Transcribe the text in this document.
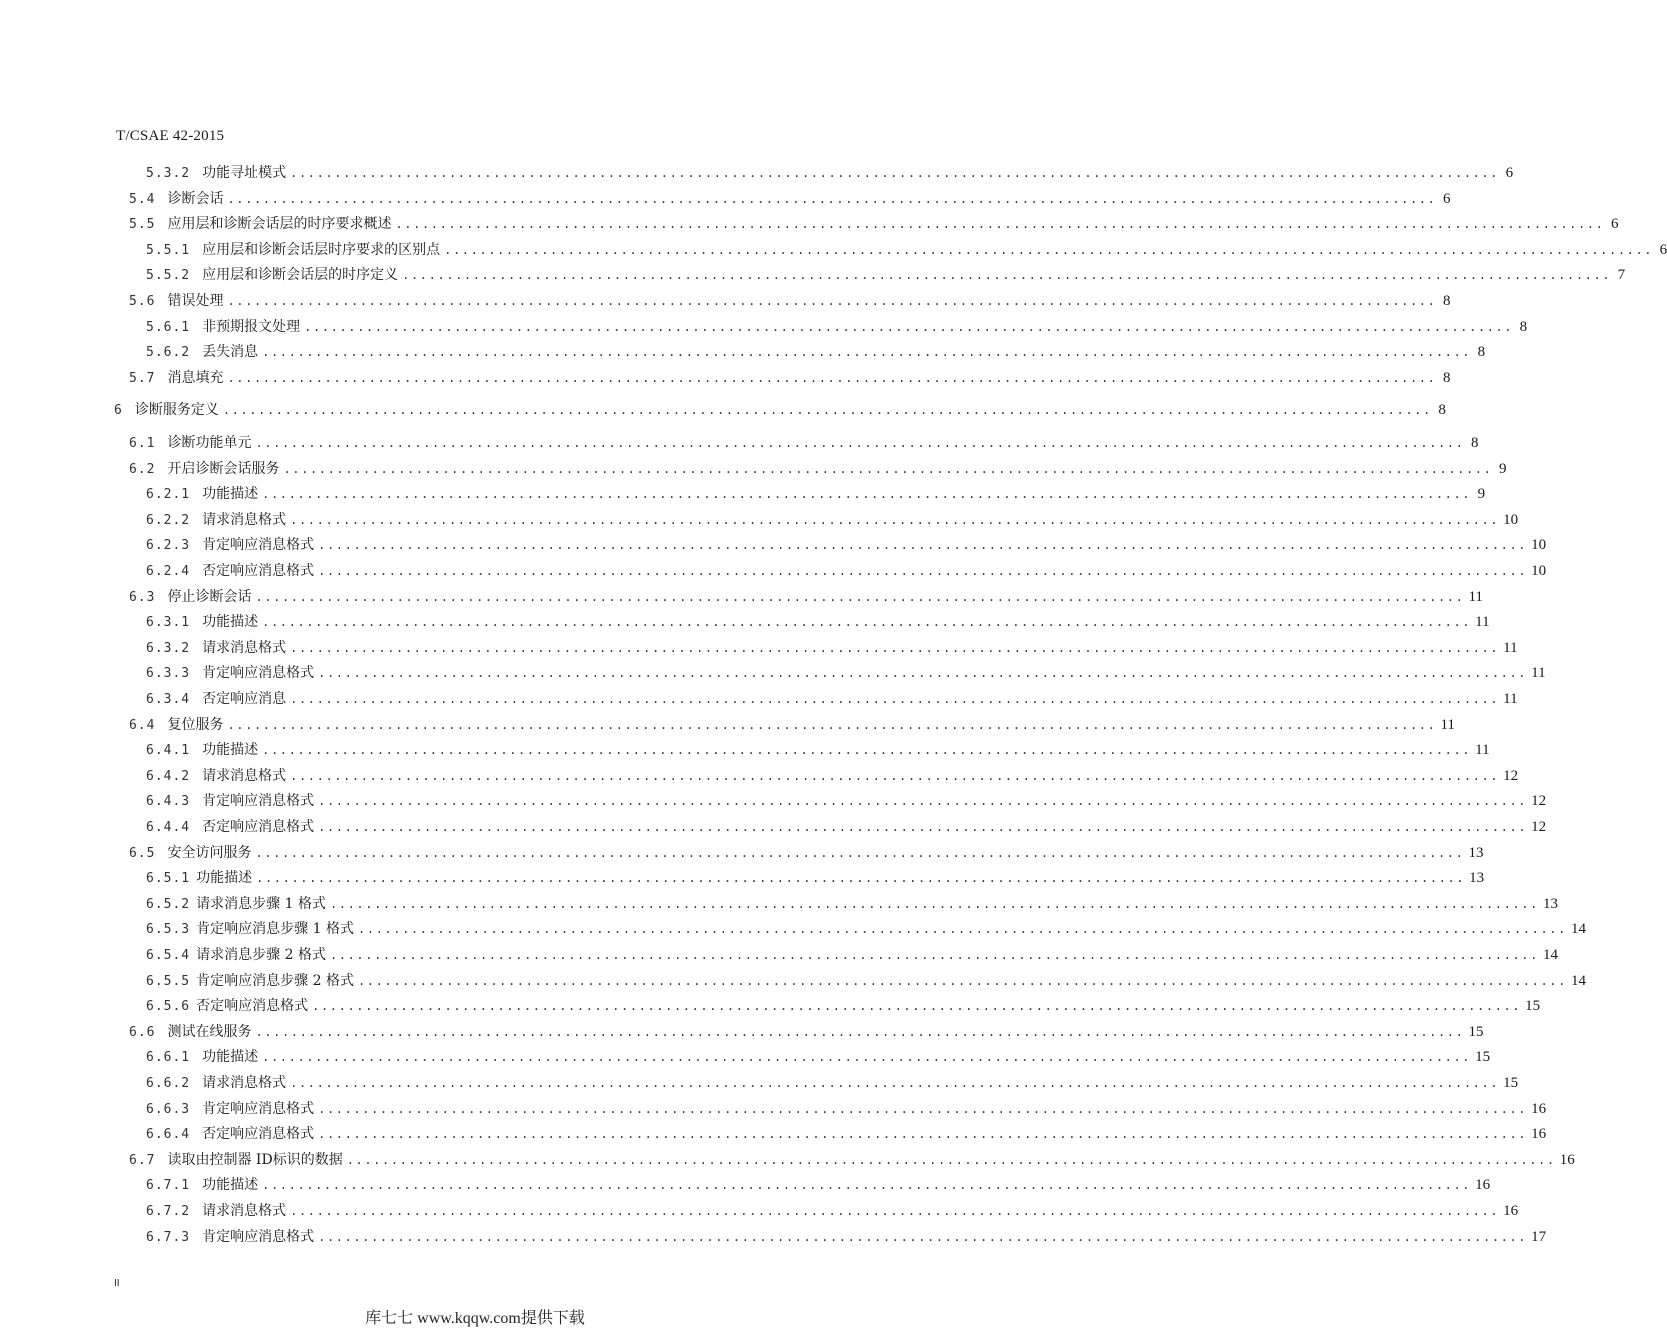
T/CSAE 42-2015
5.3.2 功能寻址模式 ......................................................................................................................................... 6
5.4 诊断会话 ......................................................................................................................................... 6
5.5 应用层和诊断会话层的时序要求概述 ......................................................................................................................................... 6
5.5.1 应用层和诊断会话层时序要求的区别点 ......................................................................................................................................... 6
5.5.2 应用层和诊断会话层的时序定义 ......................................................................................................................................... 7
5.6 错误处理 ......................................................................................................................................... 8
5.6.1 非预期报文处理 ......................................................................................................................................... 8
5.6.2 丢失消息 ......................................................................................................................................... 8
5.7 消息填充 ......................................................................................................................................... 8
6 诊断服务定义 ......................................................................................................................................... 8
6.1 诊断功能单元 ......................................................................................................................................... 8
6.2 开启诊断会话服务 ......................................................................................................................................... 9
6.2.1 功能描述 ......................................................................................................................................... 9
6.2.2 请求消息格式 ......................................................................................................................................... 10
6.2.3 肯定响应消息格式 ......................................................................................................................................... 10
6.2.4 否定响应消息格式 ......................................................................................................................................... 10
6.3 停止诊断会话 ......................................................................................................................................... 11
6.3.1 功能描述 ......................................................................................................................................... 11
6.3.2 请求消息格式 ......................................................................................................................................... 11
6.3.3 肯定响应消息格式 ......................................................................................................................................... 11
6.3.4 否定响应消息 ......................................................................................................................................... 11
6.4 复位服务 ......................................................................................................................................... 11
6.4.1 功能描述 ......................................................................................................................................... 11
6.4.2 请求消息格式 ......................................................................................................................................... 12
6.4.3 肯定响应消息格式 ......................................................................................................................................... 12
6.4.4 否定响应消息格式 ......................................................................................................................................... 12
6.5 安全访问服务 ......................................................................................................................................... 13
6.5.1 功能描述 ......................................................................................................................................... 13
6.5.2 请求消息步骤 1 格式 ......................................................................................................................................... 13
6.5.3 肯定响应消息步骤 1 格式 ......................................................................................................................................... 14
6.5.4 请求消息步骤 2 格式 ......................................................................................................................................... 14
6.5.5 肯定响应消息步骤 2 格式 ......................................................................................................................................... 14
6.5.6 否定响应消息格式 ......................................................................................................................................... 15
6.6 测试在线服务 ......................................................................................................................................... 15
6.6.1 功能描述 ......................................................................................................................................... 15
6.6.2 请求消息格式 ......................................................................................................................................... 15
6.6.3 肯定响应消息格式 ......................................................................................................................................... 16
6.6.4 否定响应消息格式 ......................................................................................................................................... 16
6.7 读取由控制器 ID标识的数据 ......................................................................................................................................... 16
6.7.1 功能描述 ......................................................................................................................................... 16
6.7.2 请求消息格式 ......................................................................................................................................... 16
6.7.3 肯定响应消息格式 ......................................................................................................................................... 17
II
库七七 www.kqqw.com提供下载
